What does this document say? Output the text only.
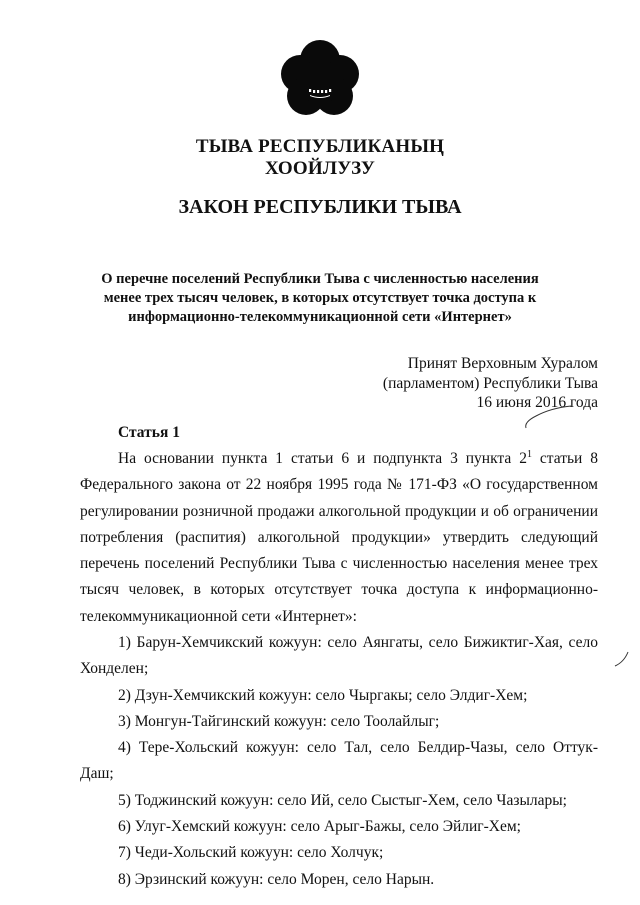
ТЫВА РЕСПУБЛИКАНЫҢ
ХООЙЛУЗУ
ЗАКОН РЕСПУБЛИКИ ТЫВА
О перечне поселений Республики Тыва с численностью населения менее трех тысяч человек, в которых отсутствует точка доступа к информационно-телекоммуникационной сети «Интернет»
Принят Верховным Хуралом
(парламентом) Республики Тыва
16 июня 2016 года
Статья 1
На основании пункта 1 статьи 6 и подпункта 3 пункта $2^1$ статьи 8 Федерального закона от 22 ноября 1995 года № 171-ФЗ «О государственном регулировании розничной продажи алкогольной продукции и об ограничении потребления (распития) алкогольной продукции» утвердить следующий перечень поселений Республики Тыва с численностью населения менее трех тысяч человек, в которых отсутствует точка доступа к информационно-телекоммуникационной сети «Интернет»:
1) Барун-Хемчикский кожуун: село Аянгаты, село Бижиктиг-Хая, село Хонделен;
2) Дзун-Хемчикский кожуун: село Чыргакы; село Элдиг-Хем;
3) Монгун-Тайгинский кожуун: село Тоолайлыг;
4) Тере-Хольский кожуун: село Тал, село Белдир-Чазы, село Оттук-Даш;
5) Тоджинский кожуун: село Ий, село Сыстыг-Хем, село Чазылары;
6) Улуг-Хемский кожуун: село Арыг-Бажы, село Эйлиг-Хем;
7) Чеди-Хольский кожуун: село Холчук;
8) Эрзинский кожуун: село Морен, село Нарын.
